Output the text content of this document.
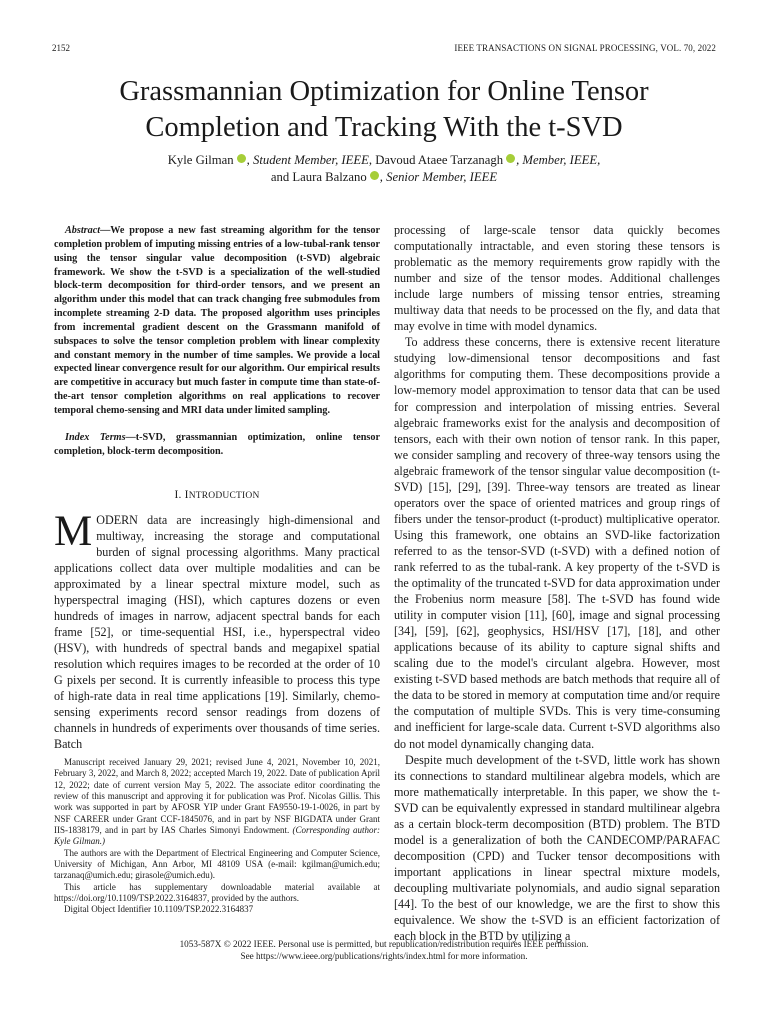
2152	IEEE TRANSACTIONS ON SIGNAL PROCESSING, VOL. 70, 2022
Grassmannian Optimization for Online Tensor
Completion and Tracking With the t-SVD
Kyle Gilman , Student Member, IEEE, Davoud Ataee Tarzanagh , Member, IEEE,
and Laura Balzano , Senior Member, IEEE

Abstract—We propose a new fast streaming algorithm for the tensor completion problem of imputing missing entries of a low-tubal-rank tensor using the tensor singular value decomposition (t-SVD) algebraic framework. We show the t-SVD is a specialization of the well-studied block-term decomposition for third-order tensors, and we present an algorithm under this model that can track changing free submodules from incomplete streaming 2-D data. The proposed algorithm uses principles from incremental gradient descent on the Grassmann manifold of subspaces to solve the tensor completion problem with linear complexity and constant memory in the number of time samples. We provide a local expected linear convergence result for our algorithm. Our empirical results are competitive in accuracy but much faster in compute time than state-of-the-art tensor completion algorithms on real applications to recover temporal chemo-sensing and MRI data under limited sampling.

Index Terms—t-SVD, grassmannian optimization, online tensor completion, block-term decomposition.

I. INTRODUCTION

MODERN data are increasingly high-dimensional and multiway, increasing the storage and computational burden of signal processing algorithms. Many practical applications collect data over multiple modalities and can be approximated by a linear spectral mixture model, such as hyperspectral imaging (HSI), which captures dozens or even hundreds of images in narrow, adjacent spectral bands for each frame [52], or time-sequential HSI, i.e., hyperspectral video (HSV), with hundreds of spectral bands and megapixel spatial resolution which requires images to be recorded at the order of 10 G pixels per second. It is currently infeasible to process this type of high-rate data in real time applications [19]. Similarly, chemo-sensing experiments record sensor readings from dozens of channels in hundreds of experiments over thousands of time series. Batch

processing of large-scale tensor data quickly becomes computationally intractable, and even storing these tensors is problematic as the memory requirements grow rapidly with the number and size of the tensor modes. Additional challenges include large numbers of missing tensor entries, streaming multiway data that needs to be processed on the fly, and data that may evolve in time with model dynamics.

To address these concerns, there is extensive recent literature studying low-dimensional tensor decompositions and fast algorithms for computing them. These decompositions provide a low-memory model approximation to tensor data that can be used for compression and interpolation of missing entries. Several algebraic frameworks exist for the analysis and decomposition of tensors, each with their own notion of tensor rank. In this paper, we consider sampling and recovery of three-way tensors using the algebraic framework of the tensor singular value decomposition (t-SVD) [15], [29], [39]. Three-way tensors are treated as linear operators over the space of oriented matrices and group rings of fibers under the tensor-product (t-product) multiplicative operator. Using this framework, one obtains an SVD-like factorization referred to as the tensor-SVD (t-SVD) with a defined notion of rank referred to as the tubal-rank. A key property of the t-SVD is the optimality of the truncated t-SVD for data approximation under the Frobenius norm measure [58]. The t-SVD has found wide utility in computer vision [11], [60], image and signal processing [34], [59], [62], geophysics, HSI/HSV [17], [18], and other applications because of its ability to capture signal shifts and scaling due to the model's circulant algebra. However, most existing t-SVD based methods are batch methods that require all of the data to be stored in memory at computation time and/or require the computation of multiple SVDs. This is very time-consuming and inefficient for large-scale data. Current t-SVD algorithms also do not model dynamically changing data.

Despite much development of the t-SVD, little work has shown its connections to standard multilinear algebra models, which are more mathematically interpretable. In this paper, we show the t-SVD can be equivalently expressed in standard multilinear algebra as a certain block-term decomposition (BTD) problem. The BTD model is a generalization of both the CANDECOMP/PARAFAC decomposition (CPD) and Tucker tensor decompositions with important applications in linear spectral mixture models, decoupling multivariate polynomials, and audio signal separation [44]. To the best of our knowledge, we are the first to show this equivalence. We show the t-SVD is an efficient factorization of each block in the BTD by utilizing a

Manuscript received January 29, 2021; revised June 4, 2021, November 10, 2021, February 3, 2022, and March 8, 2022; accepted March 19, 2022. Date of publication April 12, 2022; date of current version May 5, 2022. The associate editor coordinating the review of this manuscript and approving it for publication was Prof. Nicolas Gillis. This work was supported in part by AFOSR YIP under Grant FA9550-19-1-0026, in part by NSF CAREER under Grant CCF-1845076, and in part by NSF BIGDATA under Grant IIS-1838179, and in part by IAS Charles Simonyi Endowment. (Corresponding author: Kyle Gilman.)

The authors are with the Department of Electrical Engineering and Computer Science, University of Michigan, Ann Arbor, MI 48109 USA (e-mail: kgilman@umich.edu; tarzanaq@umich.edu; girasole@umich.edu).

This article has supplementary downloadable material available at https://doi.org/10.1109/TSP.2022.3164837, provided by the authors.

Digital Object Identifier 10.1109/TSP.2022.3164837

1053-587X © 2022 IEEE. Personal use is permitted, but republication/redistribution requires IEEE permission.
See https://www.ieee.org/publications/rights/index.html for more information.
